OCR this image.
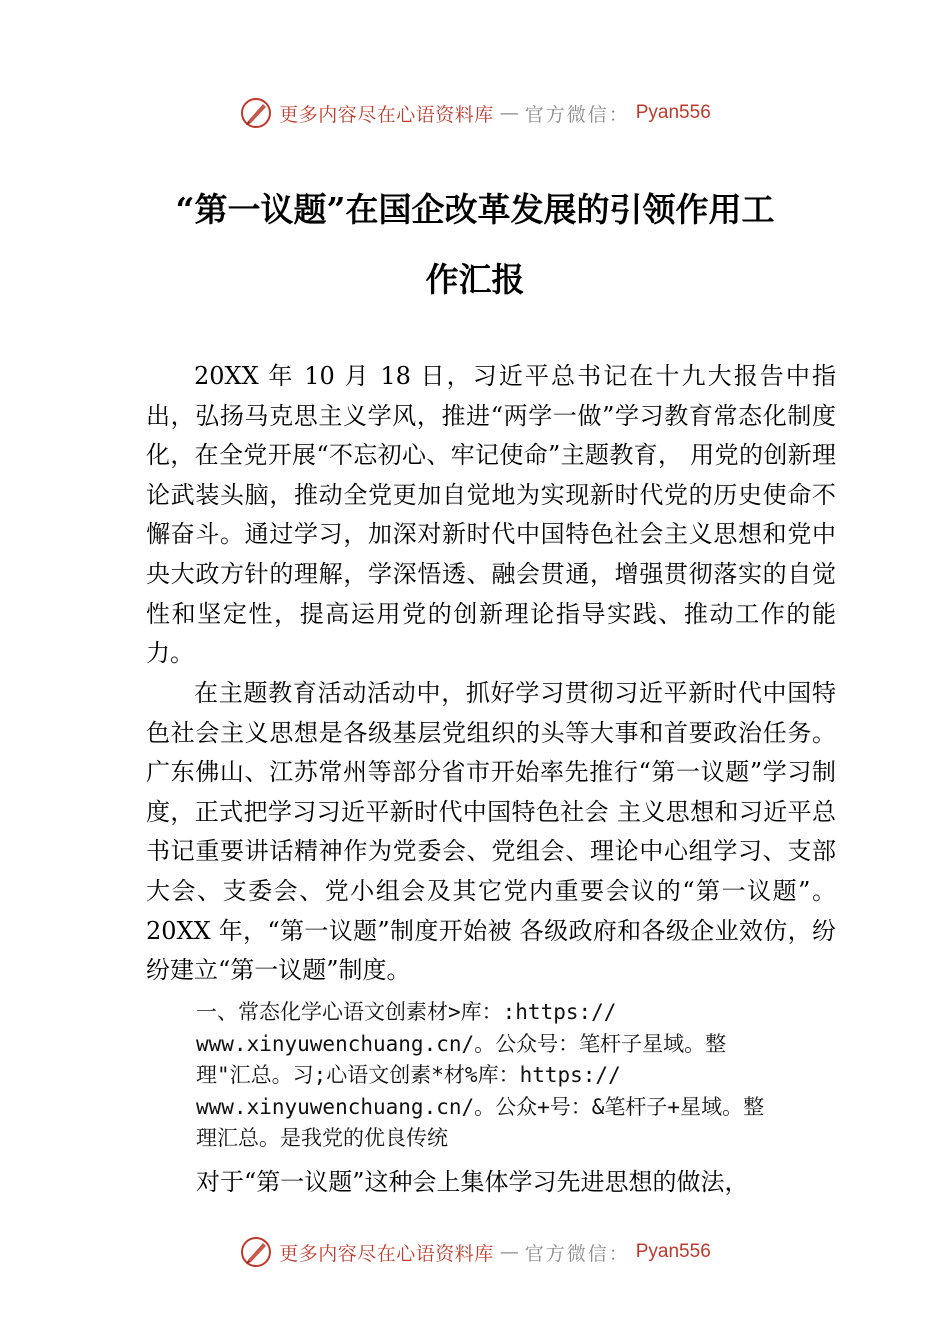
更多内容尽在心语资料库 — 官方微信： Pyan556
“第一议题”在国企改革发展的引领作用工
作汇报

20XX 年 10 月 18 日，习近平总书记在十九大报告中指出，弘扬马克思主义学风，推进“两学一做”学习教育常态化制度化，在全党开展“不忘初心、牢记使命”主题教育， 用党的创新理论武装头脑，推动全党更加自觉地为实现新时代党的历史使命不懈奋斗。通过学习，加深对新时代中国特色社会主义思想和党中央大政方针的理解，学深悟透、融会贯通，增强贯彻落实的自觉性和坚定性，提高运用党的创新理论指导实践、推动工作的能力。

在主题教育活动活动中，抓好学习贯彻习近平新时代中国特色社会主义思想是各级基层党组织的头等大事和首要政治任务。广东佛山、江苏常州等部分省市开始率先推行“第一议题”学习制度，正式把学习习近平新时代中国特色社会 主义思想和习近平总书记重要讲话精神作为党委会、党组会、理论中心组学习、支部大会、支委会、党小组会及其它党内重要会议的“第一议题”。20XX 年，“第一议题”制度开始被 各级政府和各级企业效仿，纷纷建立“第一议题”制度。

一、常态化学心语文创素材>库：:https://
www.xinyuwenchuang.cn/。公众号：笔杆子星域。整
理"汇总。习;心语文创素*材%库：https://
www.xinyuwenchuang.cn/。公众+号：&笔杆子+星域。整
理汇总。是我党的优良传统

对于“第一议题”这种会上集体学习先进思想的做法，

更多内容尽在心语资料库 — 官方微信： Pyan556
